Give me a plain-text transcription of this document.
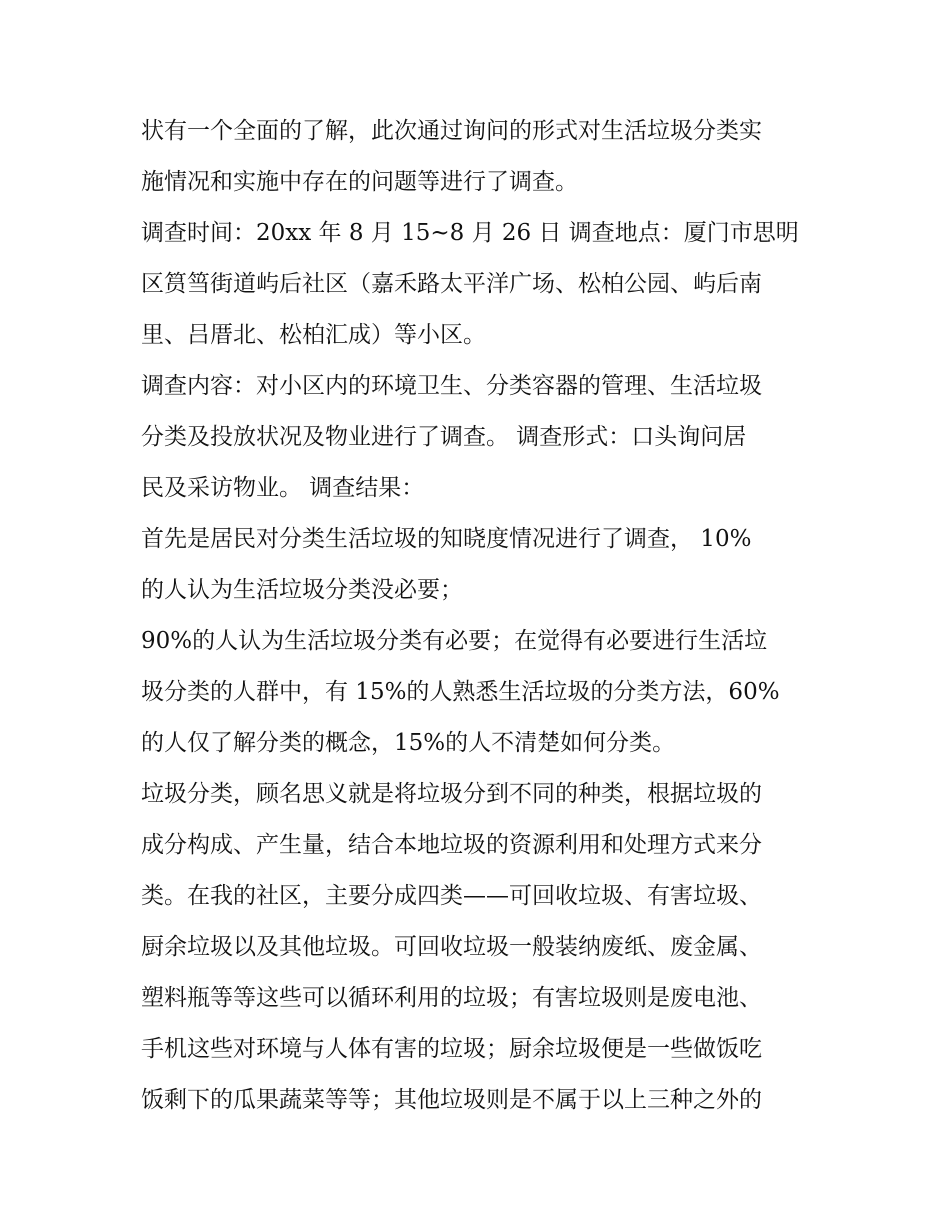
状有一个全面的了解，此次通过询问的形式对生活垃圾分类实
施情况和实施中存在的问题等进行了调查。
调查时间：20xx 年 8 月 15~8 月 26 日 调查地点：厦门市思明
区筼筜街道屿后社区（嘉禾路太平洋广场、松柏公园、屿后南
里、吕厝北、松柏汇成）等小区。
调查内容：对小区内的环境卫生、分类容器的管理、生活垃圾
分类及投放状况及物业进行了调查。 调查形式：口头询问居
民及采访物业。 调查结果：
首先是居民对分类生活垃圾的知晓度情况进行了调查， 10%
的人认为生活垃圾分类没必要；
90%的人认为生活垃圾分类有必要；在觉得有必要进行生活垃
圾分类的人群中，有 15%的人熟悉生活垃圾的分类方法，60%
的人仅了解分类的概念，15%的人不清楚如何分类。
垃圾分类，顾名思义就是将垃圾分到不同的种类，根据垃圾的
成分构成、产生量，结合本地垃圾的资源利用和处理方式来分
类。在我的社区，主要分成四类——可回收垃圾、有害垃圾、
厨余垃圾以及其他垃圾。可回收垃圾一般装纳废纸、废金属、
塑料瓶等等这些可以循环利用的垃圾；有害垃圾则是废电池、
手机这些对环境与人体有害的垃圾；厨余垃圾便是一些做饭吃
饭剩下的瓜果蔬菜等等；其他垃圾则是不属于以上三种之外的
